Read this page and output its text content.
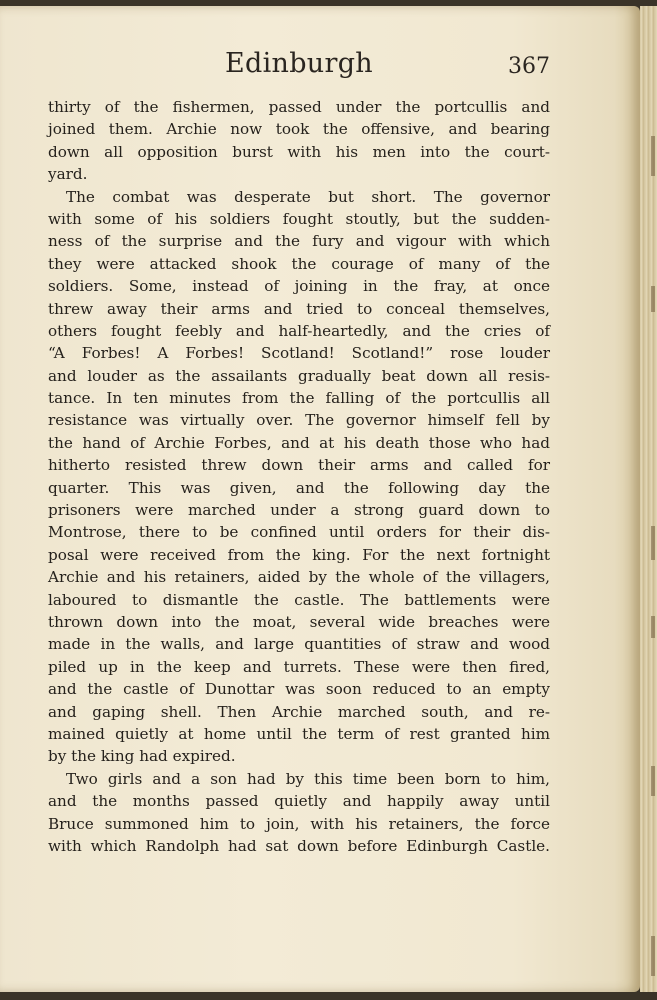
Edinburgh	367
thirty of the fishermen, passed under the portcullis and
joined them. Archie now took the offensive, and bearing
down all opposition burst with his men into the court-
yard.
The combat was desperate but short. The governor
with some of his soldiers fought stoutly, but the sudden-
ness of the surprise and the fury and vigour with which
they were attacked shook the courage of many of the
soldiers. Some, instead of joining in the fray, at once
threw away their arms and tried to conceal themselves,
others fought feebly and half-heartedly, and the cries of
“A Forbes! A Forbes! Scotland! Scotland!” rose louder
and louder as the assailants gradually beat down all resis-
tance. In ten minutes from the falling of the portcullis all
resistance was virtually over. The governor himself fell by
the hand of Archie Forbes, and at his death those who had
hitherto resisted threw down their arms and called for
quarter. This was given, and the following day the
prisoners were marched under a strong guard down to
Montrose, there to be confined until orders for their dis-
posal were received from the king. For the next fortnight
Archie and his retainers, aided by the whole of the villagers,
laboured to dismantle the castle. The battlements were
thrown down into the moat, several wide breaches were
made in the walls, and large quantities of straw and wood
piled up in the keep and turrets. These were then fired,
and the castle of Dunottar was soon reduced to an empty
and gaping shell. Then Archie marched south, and re-
mained quietly at home until the term of rest granted him
by the king had expired.
Two girls and a son had by this time been born to him,
and the months passed quietly and happily away until
Bruce summoned him to join, with his retainers, the force
with which Randolph had sat down before Edinburgh Castle.
